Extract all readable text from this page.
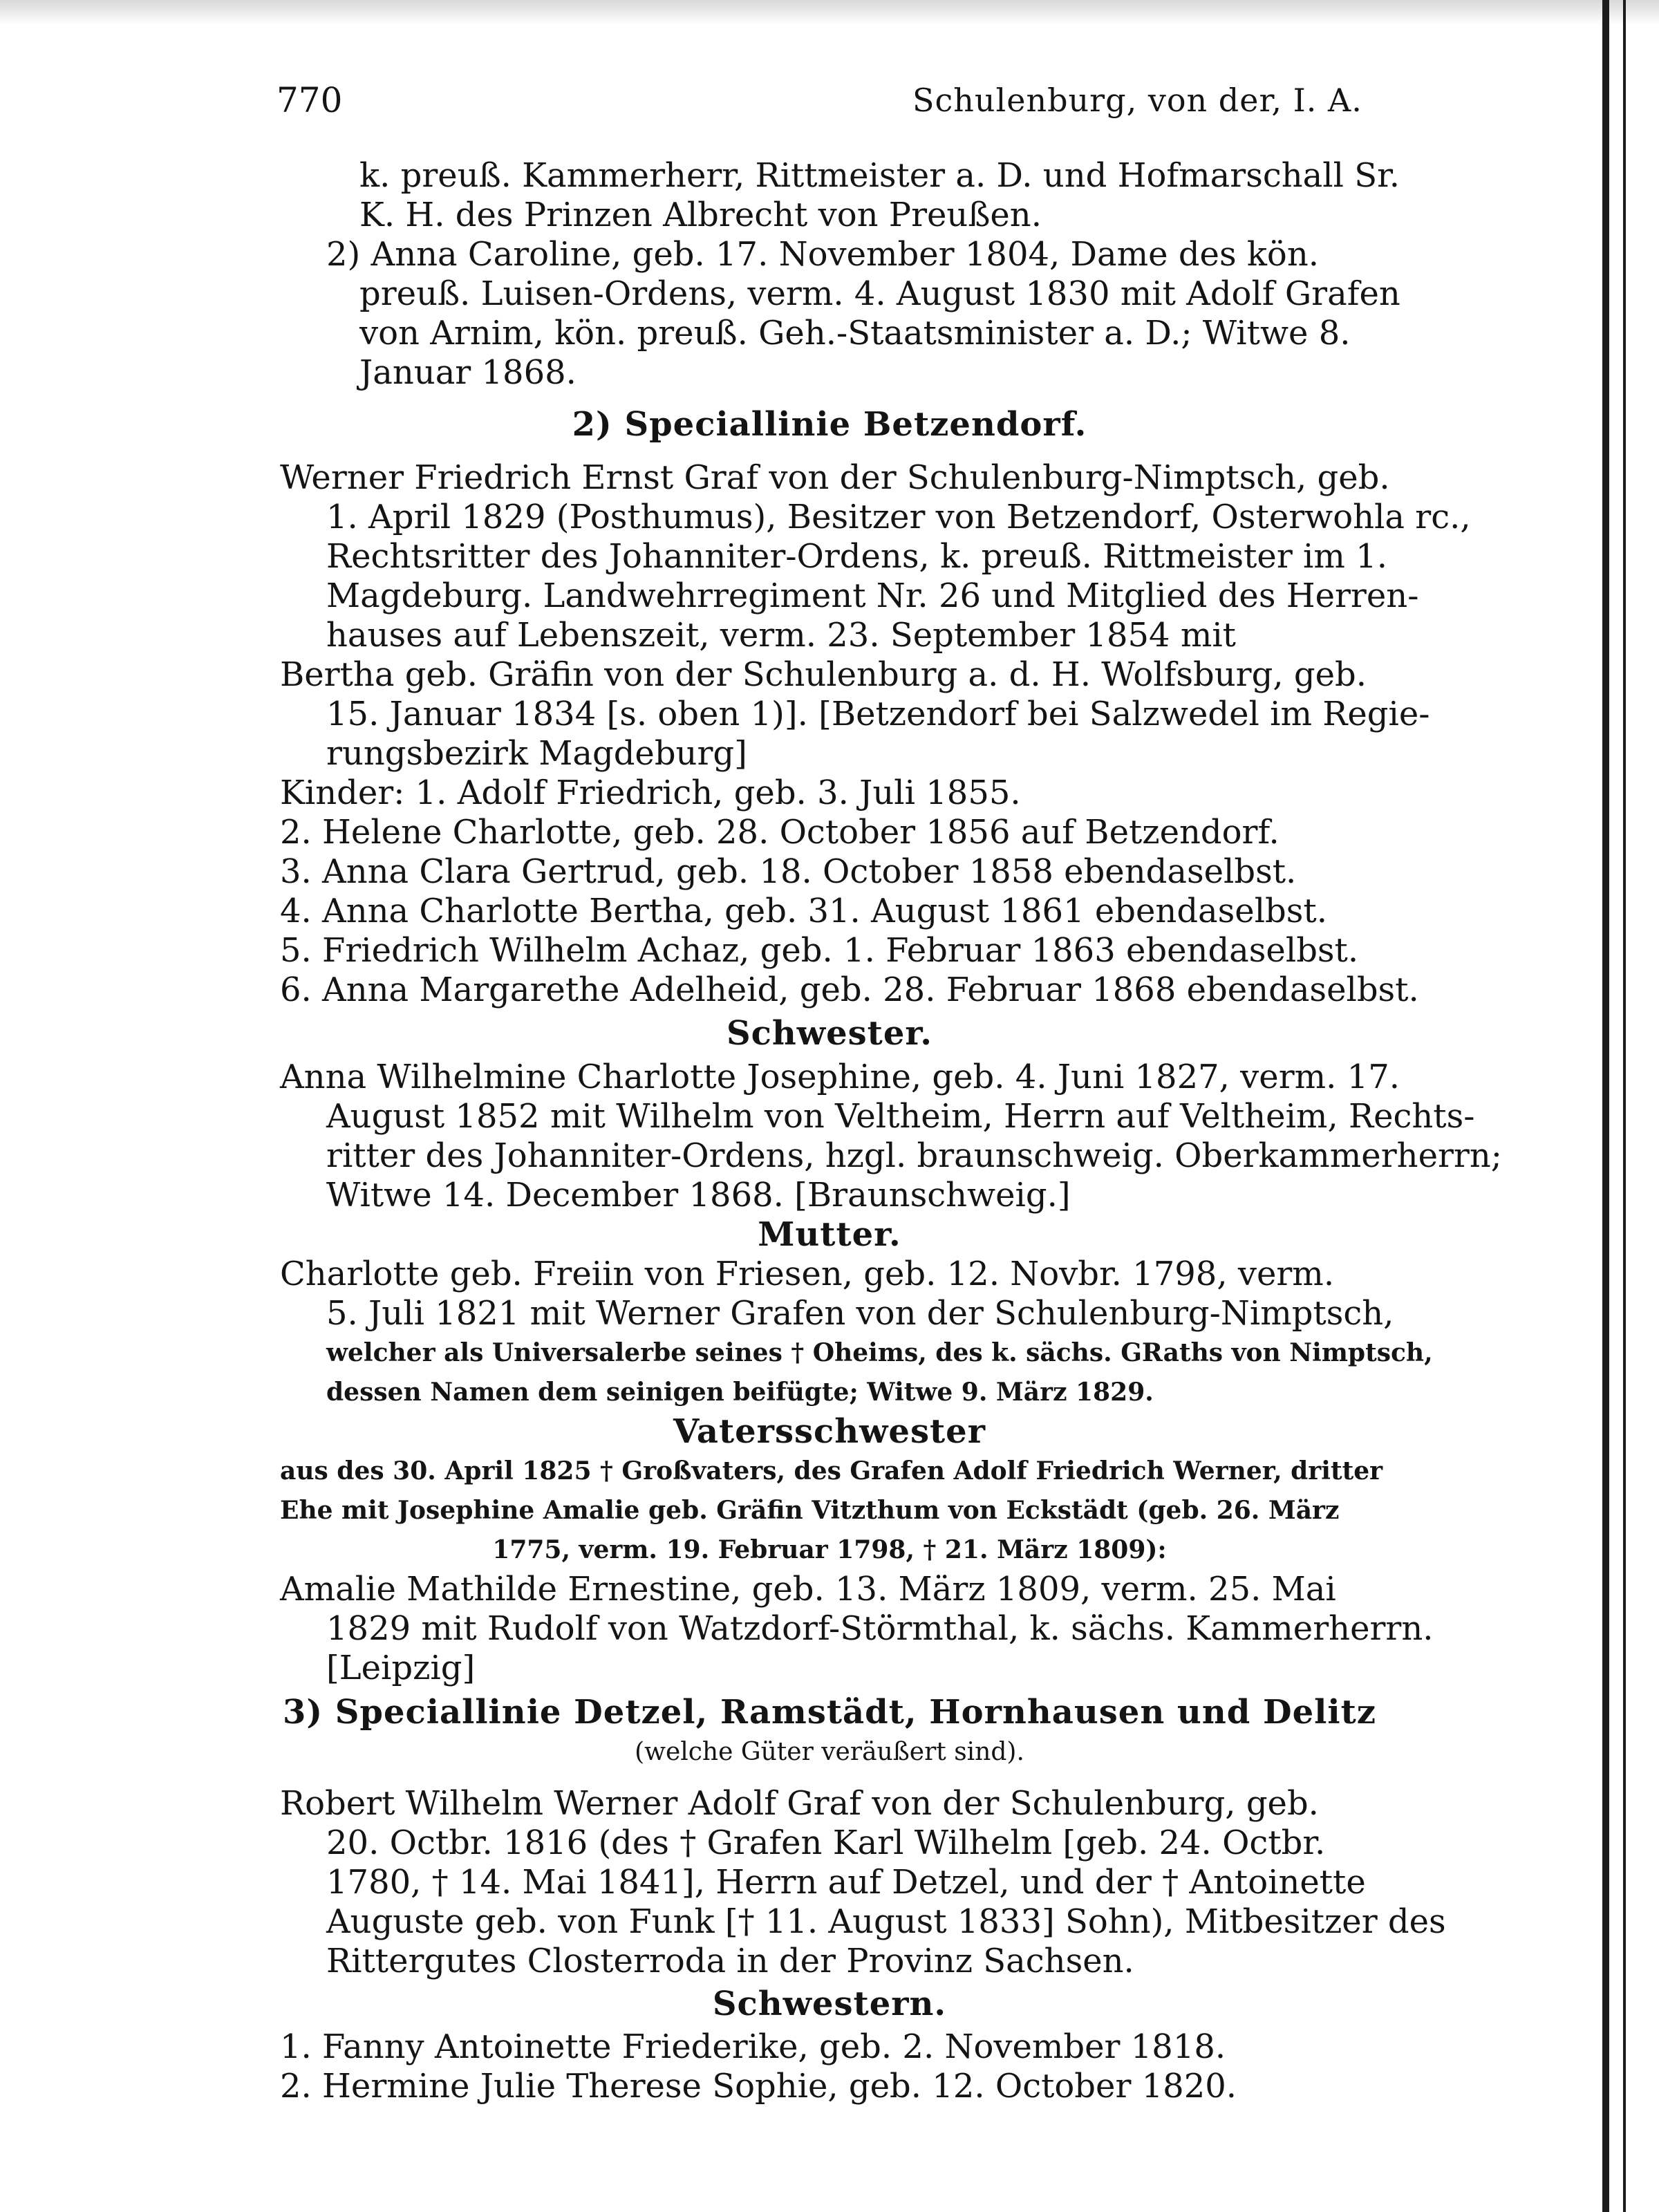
770	Schulenburg, von der, I. A.
k. preuß. Kammerherr, Rittmeister a. D. und Hofmarschall Sr.
K. H. des Prinzen Albrecht von Preußen.
2) Anna Caroline, geb. 17. November 1804, Dame des kön.
preuß. Luisen-Ordens, verm. 4. August 1830 mit Adolf Grafen
von Arnim, kön. preuß. Geh.-Staatsminister a. D.; Witwe 8.
Januar 1868.
2) Speciallinie Betzendorf.
Werner Friedrich Ernst Graf von der Schulenburg-Nimptsch, geb.
1. April 1829 (Posthumus), Besitzer von Betzendorf, Osterwohla rc.,
Rechtsritter des Johanniter-Ordens, k. preuß. Rittmeister im 1.
Magdeburg. Landwehrregiment Nr. 26 und Mitglied des Herren-
hauses auf Lebenszeit, verm. 23. September 1854 mit
Bertha geb. Gräfin von der Schulenburg a. d. H. Wolfsburg, geb.
15. Januar 1834 [s. oben 1)]. [Betzendorf bei Salzwedel im Regie-
rungsbezirk Magdeburg]
Kinder: 1. Adolf Friedrich, geb. 3. Juli 1855.
2. Helene Charlotte, geb. 28. October 1856 auf Betzendorf.
3. Anna Clara Gertrud, geb. 18. October 1858 ebendaselbst.
4. Anna Charlotte Bertha, geb. 31. August 1861 ebendaselbst.
5. Friedrich Wilhelm Achaz, geb. 1. Februar 1863 ebendaselbst.
6. Anna Margarethe Adelheid, geb. 28. Februar 1868 ebendaselbst.
Schwester.
Anna Wilhelmine Charlotte Josephine, geb. 4. Juni 1827, verm. 17.
August 1852 mit Wilhelm von Veltheim, Herrn auf Veltheim, Rechts-
ritter des Johanniter-Ordens, hzgl. braunschweig. Oberkammerherrn;
Witwe 14. December 1868. [Braunschweig.]
Mutter.
Charlotte geb. Freiin von Friesen, geb. 12. Novbr. 1798, verm.
5. Juli 1821 mit Werner Grafen von der Schulenburg-Nimptsch,
welcher als Universalerbe seines † Oheims, des k. sächs. GRaths von Nimptsch,
dessen Namen dem seinigen beifügte; Witwe 9. März 1829.
Vatersschwester
aus des 30. April 1825 † Großvaters, des Grafen Adolf Friedrich Werner, dritter
Ehe mit Josephine Amalie geb. Gräfin Vitzthum von Eckstädt (geb. 26. März
1775, verm. 19. Februar 1798, † 21. März 1809):
Amalie Mathilde Ernestine, geb. 13. März 1809, verm. 25. Mai
1829 mit Rudolf von Watzdorf-Störmthal, k. sächs. Kammerherrn.
[Leipzig]
3) Speciallinie Detzel, Ramstädt, Hornhausen und Delitz
(welche Güter veräußert sind).
Robert Wilhelm Werner Adolf Graf von der Schulenburg, geb.
20. Octbr. 1816 (des † Grafen Karl Wilhelm [geb. 24. Octbr.
1780, † 14. Mai 1841], Herrn auf Detzel, und der † Antoinette
Auguste geb. von Funk [† 11. August 1833] Sohn), Mitbesitzer des
Rittergutes Closterroda in der Provinz Sachsen.
Schwestern.
1. Fanny Antoinette Friederike, geb. 2. November 1818.
2. Hermine Julie Therese Sophie, geb. 12. October 1820.
